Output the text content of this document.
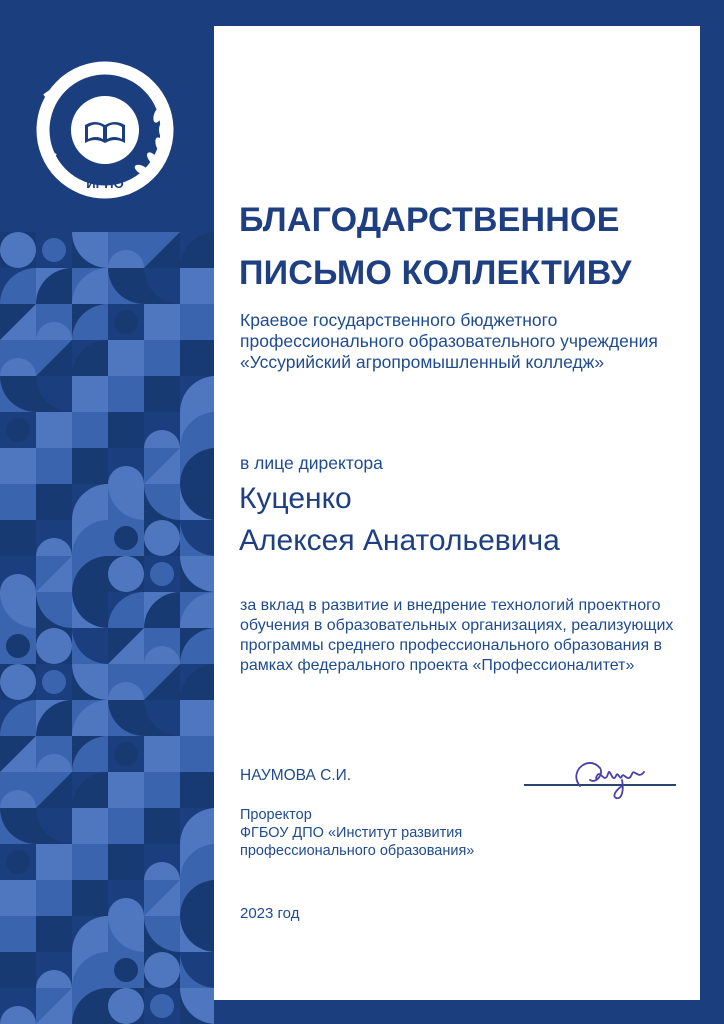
ИРПО
БЛАГОДАРСТВЕННОЕ
ПИСЬМО КОЛЛЕКТИВУ

Краевое государственного бюджетного профессионального образовательного учреждения «Уссурийский агропромышленный колледж»

в лице директора

Куценко
Алексея Анатольевича

за вклад в развитие и внедрение технологий проектного обучения в образовательных организациях, реализующих программы среднего профессионального образования в рамках федерального проекта «Профессионалитет»

НАУМОВА С.И.

Проректор
ФГБОУ ДПО «Институт развития
профессионального образования»

2023 год
